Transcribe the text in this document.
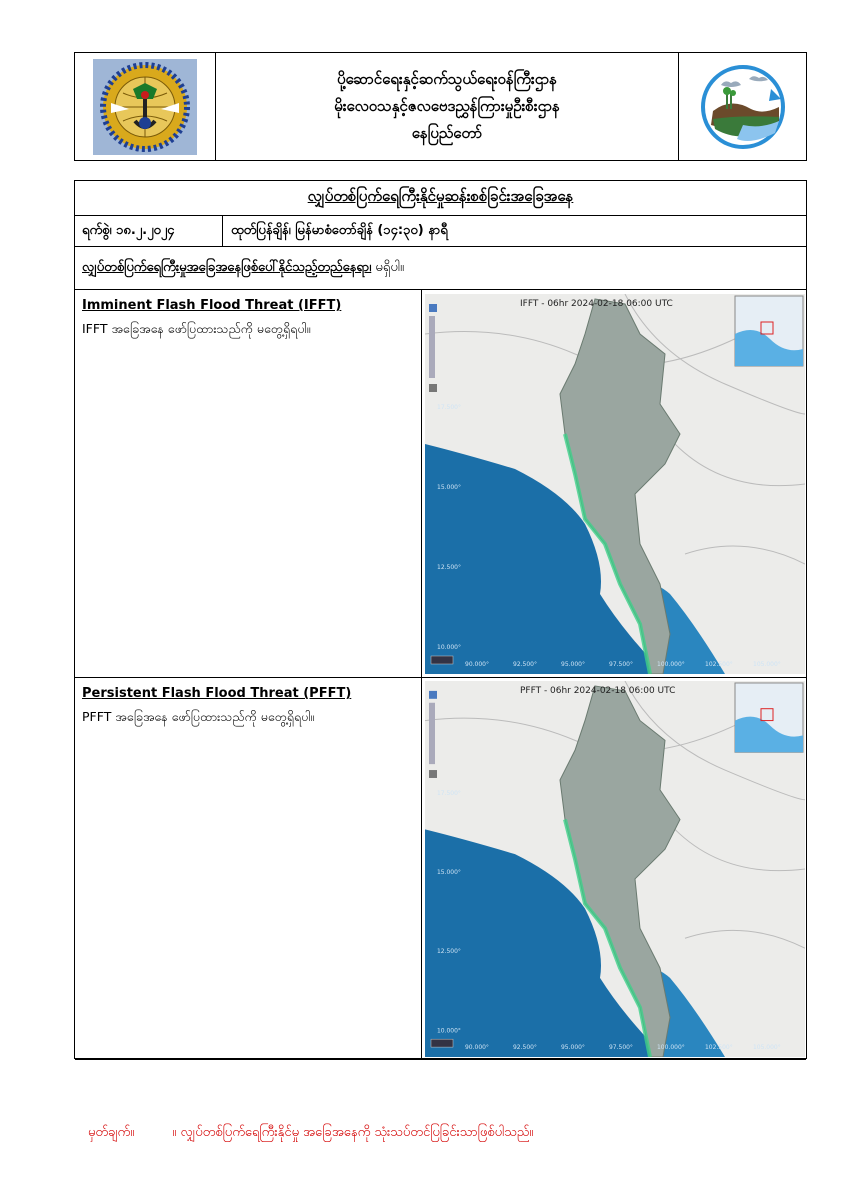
ပို့ဆောင်ရေးနှင့်ဆက်သွယ်ရေးဝန်ကြီးဌာန
မိုးလေဝသနှင့်ဇလဗေဒညွှန်ကြားမှုဦးစီးဌာန
နေပြည်တော်
လျှပ်တစ်ပြက်ရေကြီးနိုင်မှုဆန်းစစ်ခြင်းအခြေအနေ
ရက်စွဲ၊ ၁၈.၂.၂၀၂၄	ထုတ်ပြန်ချိန်၊ မြန်မာစံတော်ချိန် (၁၄:၃၀) နာရီ
လျှပ်တစ်ပြက်ရေကြီးမှုအခြေအနေဖြစ်ပေါ်နိုင်သည့်တည်နေရာ၊ မရှိပါ။
Imminent Flash Flood Threat (IFFT)
IFFT အခြေအနေ ဖော်ပြထားသည်ကို မတွေ့ရှိရပါ။
IFFT - 06hr 2024-02-18 06:00 UTC
17.500°
15.000°
12.500°
10.000°
90.000°	92.500°	95.000°	97.500°	100.000°	102.500°	105.000°
Persistent Flash Flood Threat (PFFT)
PFFT အခြေအနေ ဖော်ပြထားသည်ကို မတွေ့ရှိရပါ။
PFFT - 06hr 2024-02-18 06:00 UTC
17.500°
15.000°
12.500°
10.000°
90.000°	92.500°	95.000°	97.500°	100.000°	102.500°	105.000°
မှတ်ချက်။	။ လျှပ်တစ်ပြက်ရေကြီးနိုင်မှု အခြေအနေကို သုံးသပ်တင်ပြခြင်းသာဖြစ်ပါသည်။
